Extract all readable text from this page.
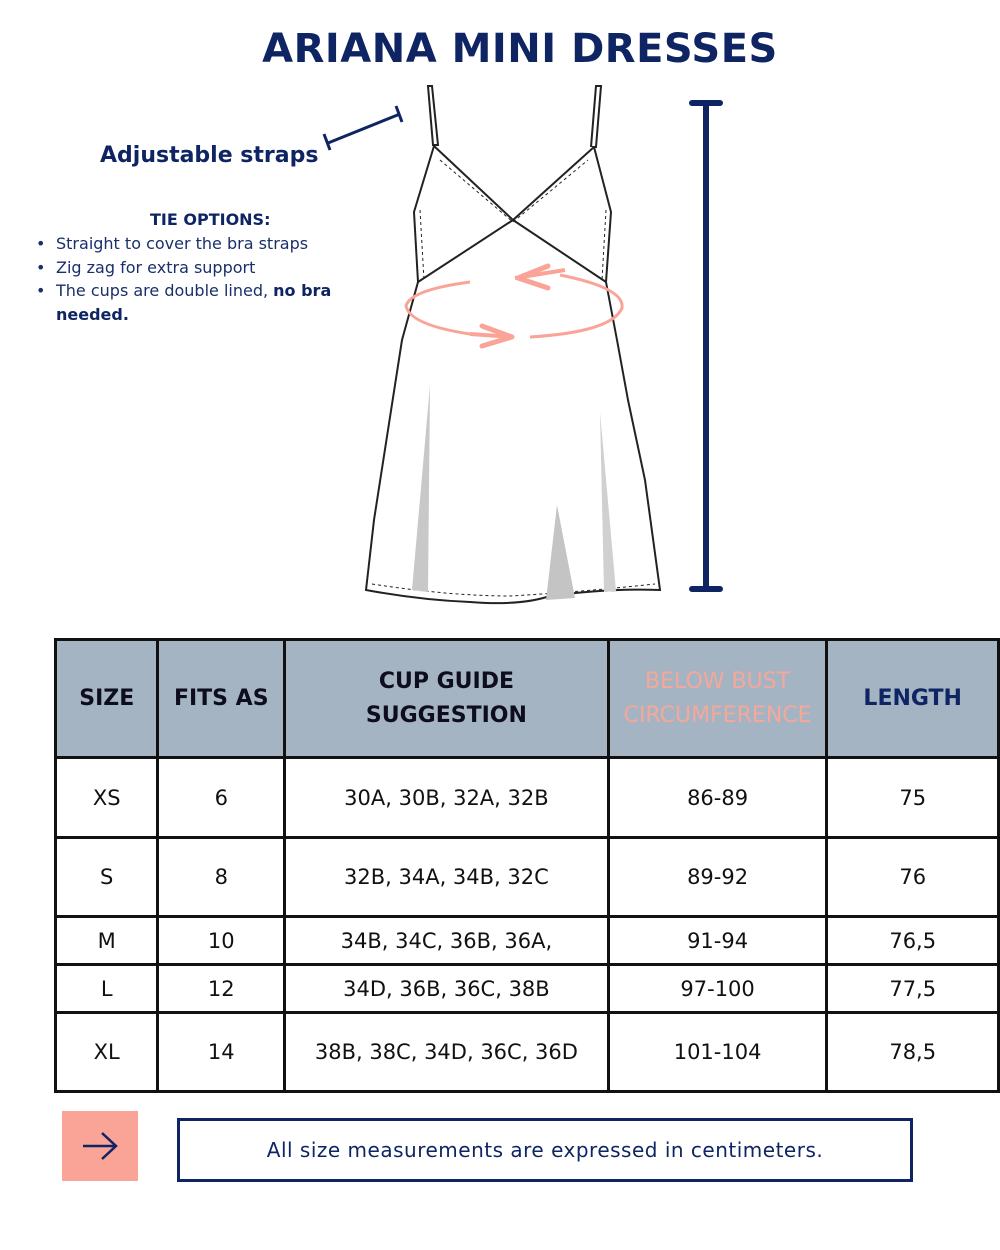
ARIANA MINI DRESSES
Adjustable straps
TIE OPTIONS:
• Straight to cover the bra straps
• Zig zag for extra support
• The cups are double lined, no bra needed.
SIZE	FITS AS	CUP GUIDE SUGGESTION	BELOW BUST CIRCUMFERENCE	LENGTH
XS	6	30A, 30B, 32A, 32B	86-89	75
S	8	32B, 34A, 34B, 32C	89-92	76
M	10	34B, 34C, 36B, 36A,	91-94	76,5
L	12	34D, 36B, 36C, 38B	97-100	77,5
XL	14	38B, 38C, 34D, 36C, 36D	101-104	78,5
All size measurements are expressed in centimeters.
